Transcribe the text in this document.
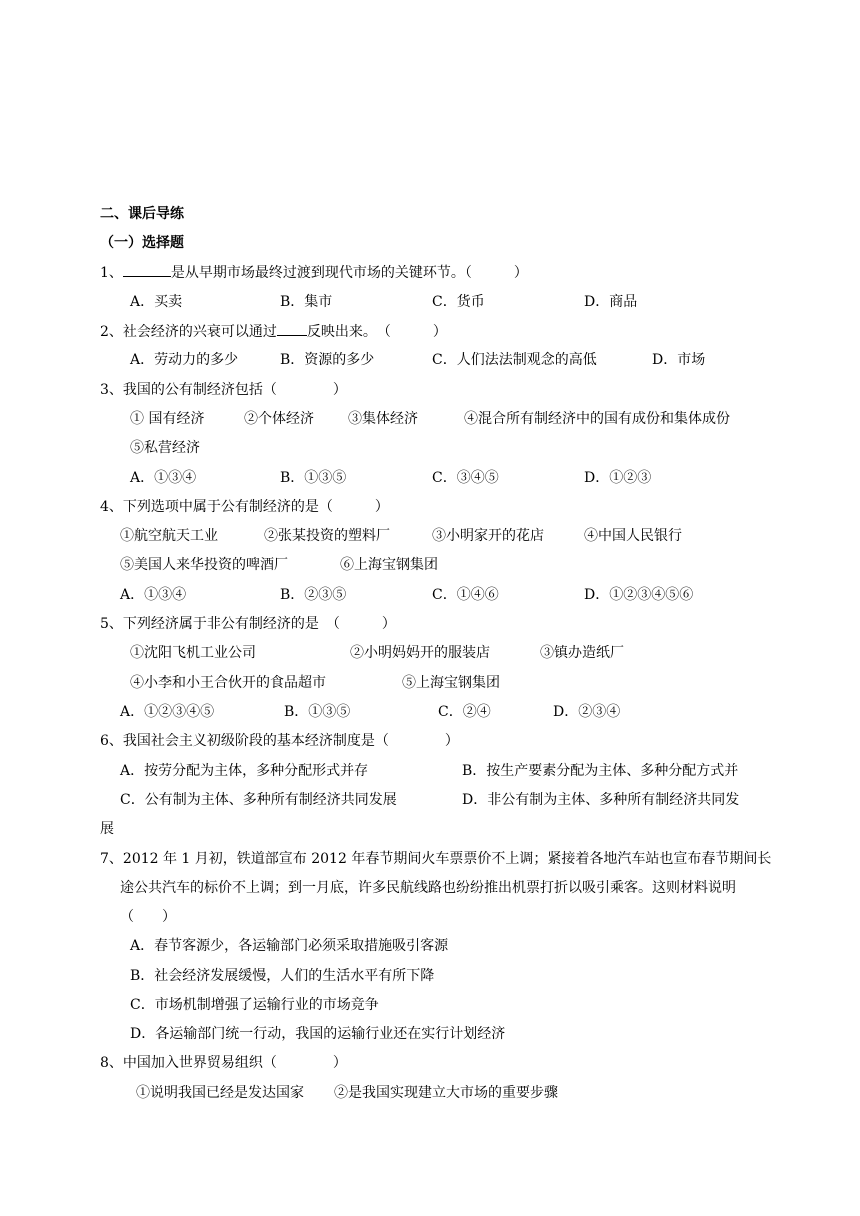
二、课后导练
（一）选择题
1、	是从早期市场最终过渡到现代市场的关键环节。（　　　）
A．买卖	B．集市	C．货币	D．商品
2、社会经济的兴衰可以通过 反映出来。　（　　　）
A．劳动力的多少	B．资源的多少	C．人们法法制观念的高低	D．市场
3、我国的公有制经济包括（　　　　）
① 国有经济	②个体经济 ③集体经济	④混合所有制经济中的国有成份和集体成份
⑤私营经济
A．①③④	B．①③⑤	C．③④⑤	D．①②③
4、下列选项中属于公有制经济的是（　　　）
①航空航天工业	②张某投资的塑料厂	③小明家开的花店	④中国人民银行
⑤美国人来华投资的啤酒厂	⑥上海宝钢集团
A．①③④	B．②③⑤	C．①④⑥	D．①②③④⑤⑥
5、下列经济属于非公有制经济的是　（　　　）
①沈阳飞机工业公司	②小明妈妈开的服装店	③镇办造纸厂
④小李和小王合伙开的食品超市	⑤上海宝钢集团
A．①②③④⑤	B．①③⑤	C．②④	D．②③④
6、我国社会主义初级阶段的基本经济制度是（　　　　）
A．按劳分配为主体，多种分配形式并存	B．按生产要素分配为主体、多种分配方式并
C．公有制为主体、多种所有制经济共同发展	D．非公有制为主体、多种所有制经济共同发
展
7、2012 年 1 月初，铁道部宣布 2012 年春节期间火车票票价不上调；紧接着各地汽车站也宣布春节期间长
途公共汽车的标价不上调；到一月底，许多民航线路也纷纷推出机票打折以吸引乘客。这则材料说明
（　　）
A．春节客源少，各运输部门必须采取措施吸引客源
B．社会经济发展缓慢，人们的生活水平有所下降
C．市场机制增强了运输行业的市场竞争
D．各运输部门统一行动，我国的运输行业还在实行计划经济
8、中国加入世界贸易组织（　　　　）
①说明我国已经是发达国家 ②是我国实现建立大市场的重要步骤
